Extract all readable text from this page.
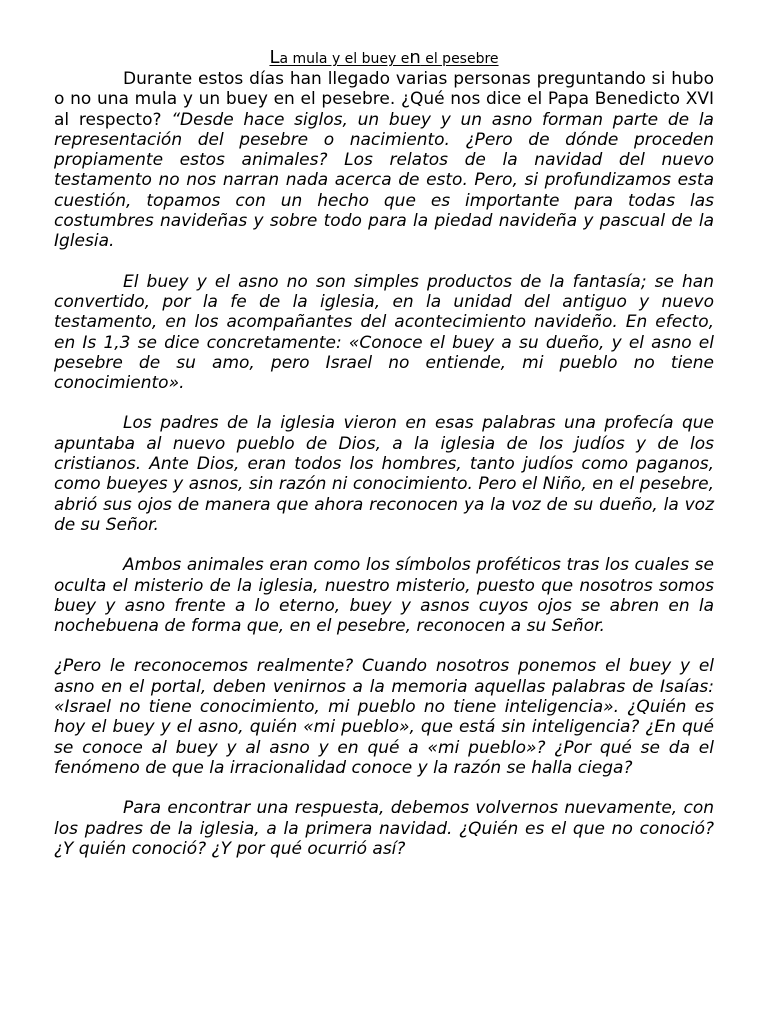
La mula y el buey en el pesebre

Durante estos días han llegado varias personas preguntando si hubo o no una mula y un buey en el pesebre. ¿Qué nos dice el Papa Benedicto XVI al respecto? “Desde hace siglos, un buey y un asno forman parte de la representación del pesebre o nacimiento. ¿Pero de dónde proceden propiamente estos animales? Los relatos de la navidad del nuevo testamento no nos narran nada acerca de esto. Pero, si profundizamos esta cuestión, topamos con un hecho que es importante para todas las costumbres navideñas y sobre todo para la piedad navideña y pascual de la Iglesia.

El buey y el asno no son simples productos de la fantasía; se han convertido, por la fe de la iglesia, en la unidad del antiguo y nuevo testamento, en los acompañantes del acontecimiento navideño. En efecto, en Is 1,3 se dice concretamente: «Conoce el buey a su dueño, y el asno el pesebre de su amo, pero Israel no entiende, mi pueblo no tiene conocimiento».

Los padres de la iglesia vieron en esas palabras una profecía que apuntaba al nuevo pueblo de Dios, a la iglesia de los judíos y de los cristianos. Ante Dios, eran todos los hombres, tanto judíos como paganos, como bueyes y asnos, sin razón ni conocimiento. Pero el Niño, en el pesebre, abrió sus ojos de manera que ahora reconocen ya la voz de su dueño, la voz de su Señor.

Ambos animales eran como los símbolos proféticos tras los cuales se oculta el misterio de la iglesia, nuestro misterio, puesto que nosotros somos buey y asno frente a lo eterno, buey y asnos cuyos ojos se abren en la nochebuena de forma que, en el pesebre, reconocen a su Señor.

¿Pero le reconocemos realmente? Cuando nosotros ponemos el buey y el asno en el portal, deben venirnos a la memoria aquellas palabras de Isaías: «Israel no tiene conocimiento, mi pueblo no tiene inteligencia». ¿Quién es hoy el buey y el asno, quién «mi pueblo», que está sin inteligencia? ¿En qué se conoce al buey y al asno y en qué a «mi pueblo»? ¿Por qué se da el fenómeno de que la irracionalidad conoce y la razón se halla ciega?

Para encontrar una respuesta, debemos volvernos nuevamente, con los padres de la iglesia, a la primera navidad. ¿Quién es el que no conoció? ¿Y quién conoció? ¿Y por qué ocurrió así?
